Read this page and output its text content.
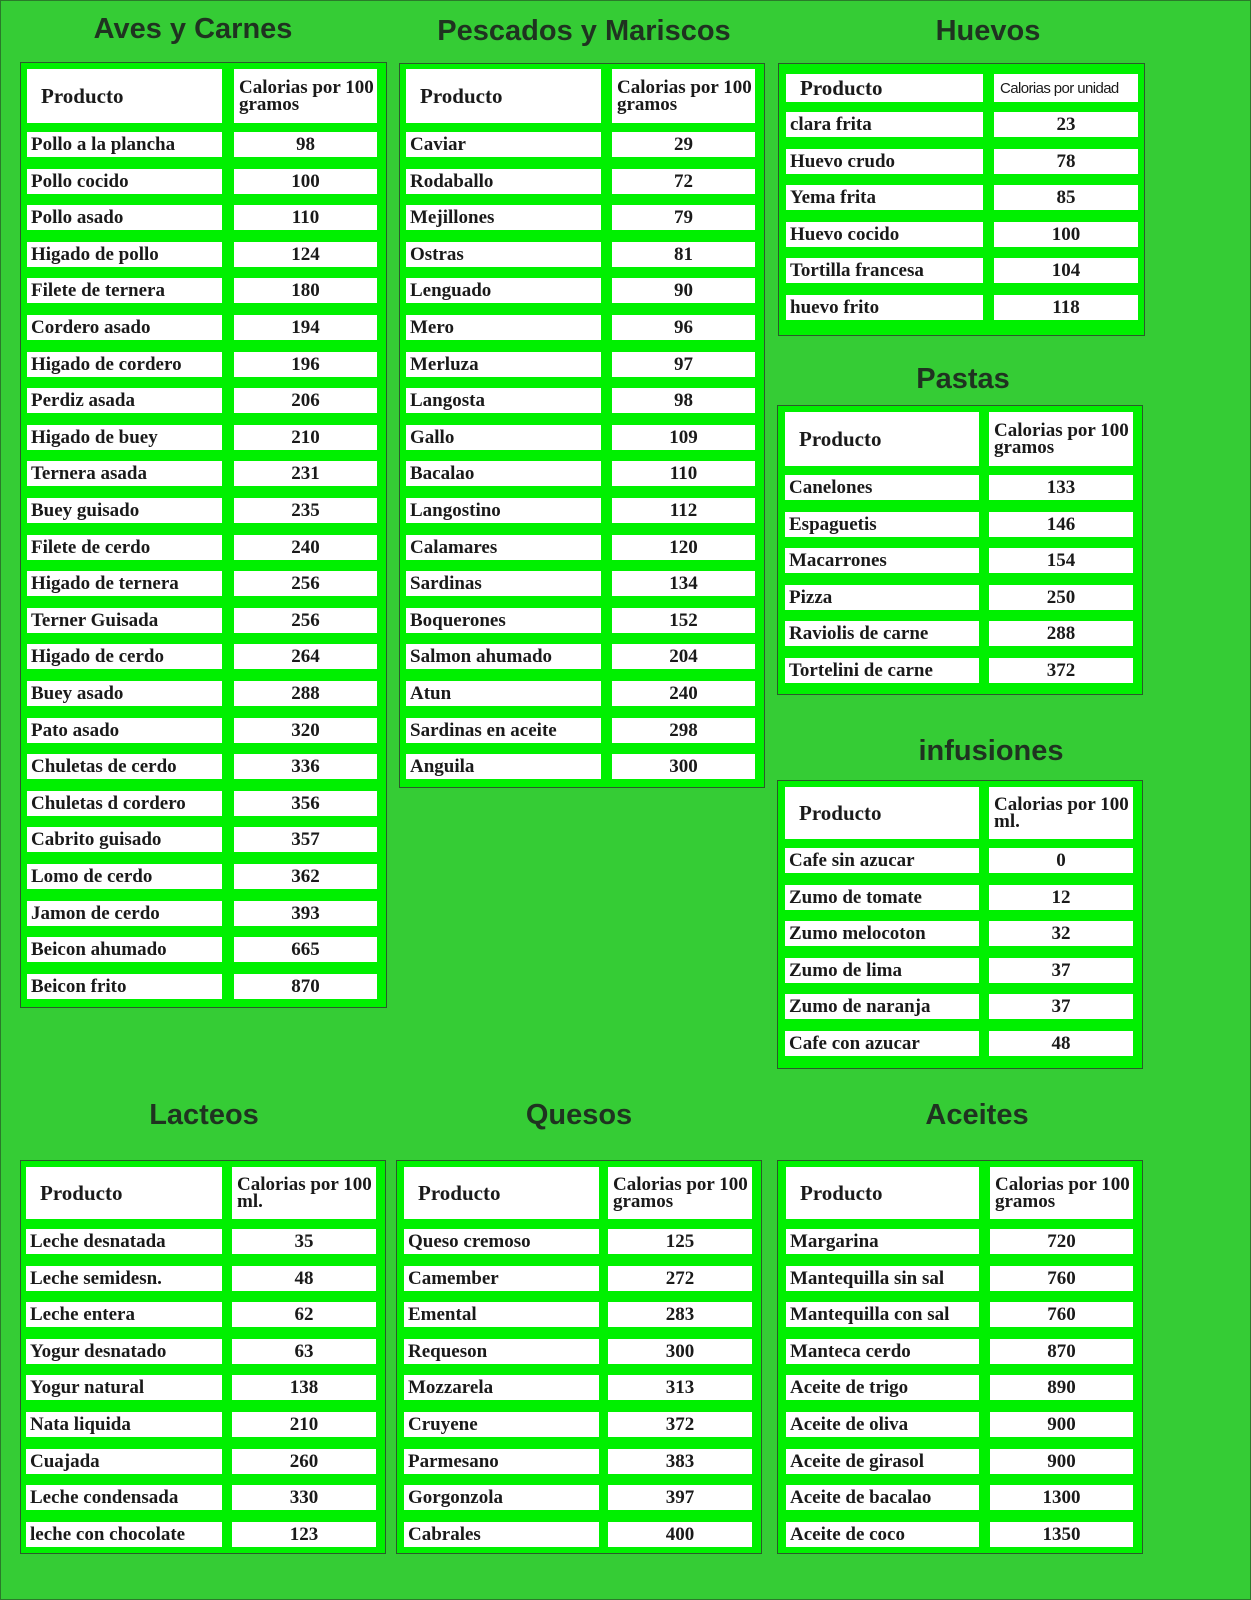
Aves y Carnes
Producto	Calorias por 100 gramos
Pollo a la plancha	98
Pollo cocido	100
Pollo asado	110
Higado de pollo	124
Filete de ternera	180
Cordero asado	194
Higado de cordero	196
Perdiz asada	206
Higado de buey	210
Ternera asada	231
Buey guisado	235
Filete de cerdo	240
Higado de ternera	256
Terner Guisada	256
Higado de cerdo	264
Buey asado	288
Pato asado	320
Chuletas de cerdo	336
Chuletas d cordero	356
Cabrito guisado	357
Lomo de cerdo	362
Jamon de cerdo	393
Beicon ahumado	665
Beicon frito	870
Pescados y Mariscos
Producto	Calorias por 100 gramos
Caviar	29
Rodaballo	72
Mejillones	79
Ostras	81
Lenguado	90
Mero	96
Merluza	97
Langosta	98
Gallo	109
Bacalao	110
Langostino	112
Calamares	120
Sardinas	134
Boquerones	152
Salmon ahumado	204
Atun	240
Sardinas en aceite	298
Anguila	300
Huevos
Producto	Calorias por unidad
clara frita	23
Huevo crudo	78
Yema frita	85
Huevo cocido	100
Tortilla francesa	104
huevo frito	118
Pastas
Producto	Calorias por 100 gramos
Canelones	133
Espaguetis	146
Macarrones	154
Pizza	250
Raviolis de carne	288
Tortelini de carne	372
infusiones
Producto	Calorias por 100 ml.
Cafe sin azucar	0
Zumo de tomate	12
Zumo melocoton	32
Zumo de lima	37
Zumo de naranja	37
Cafe con azucar	48
Lacteos
Producto	Calorias por 100 ml.
Leche desnatada	35
Leche semidesn.	48
Leche entera	62
Yogur desnatado	63
Yogur natural	138
Nata liquida	210
Cuajada	260
Leche condensada	330
leche con chocolate	123
Quesos
Producto	Calorias por 100 gramos
Queso cremoso	125
Camember	272
Emental	283
Requeson	300
Mozzarela	313
Cruyene	372
Parmesano	383
Gorgonzola	397
Cabrales	400
Aceites
Producto	Calorias por 100 gramos
Margarina	720
Mantequilla sin sal	760
Mantequilla con sal	760
Manteca cerdo	870
Aceite de trigo	890
Aceite de oliva	900
Aceite de girasol	900
Aceite de bacalao	1300
Aceite de coco	1350
